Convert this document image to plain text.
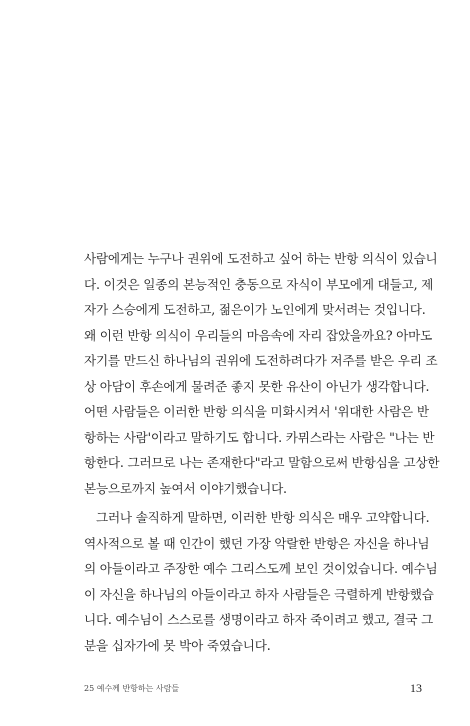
사람에게는 누구나 권위에 도전하고 싶어 하는 반항 의식이 있습니
다. 이것은 일종의 본능적인 충동으로 자식이 부모에게 대들고, 제
자가 스승에게 도전하고, 젊은이가 노인에게 맞서려는 것입니다.
왜 이런 반항 의식이 우리들의 마음속에 자리 잡았을까요? 아마도
자기를 만드신 하나님의 권위에 도전하려다가 저주를 받은 우리 조
상 아담이 후손에게 물려준 좋지 못한 유산이 아닌가 생각합니다.
어떤 사람들은 이러한 반항 의식을 미화시켜서 '위대한 사람은 반
항하는 사람'이라고 말하기도 합니다. 카뮈스라는 사람은 "나는 반
항한다. 그러므로 나는 존재한다"라고 말함으로써 반항심을 고상한
본능으로까지 높여서 이야기했습니다.
그러나 솔직하게 말하면, 이러한 반항 의식은 매우 고약합니다.
역사적으로 볼 때 인간이 했던 가장 악랄한 반항은 자신을 하나님
의 아들이라고 주장한 예수 그리스도께 보인 것이었습니다. 예수님
이 자신을 하나님의 아들이라고 하자 사람들은 극렬하게 반항했습
니다. 예수님이 스스로를 생명이라고 하자 죽이려고 했고, 결국 그
분을 십자가에 못 박아 죽였습니다.
25 예수께 반항하는 사람들	13
